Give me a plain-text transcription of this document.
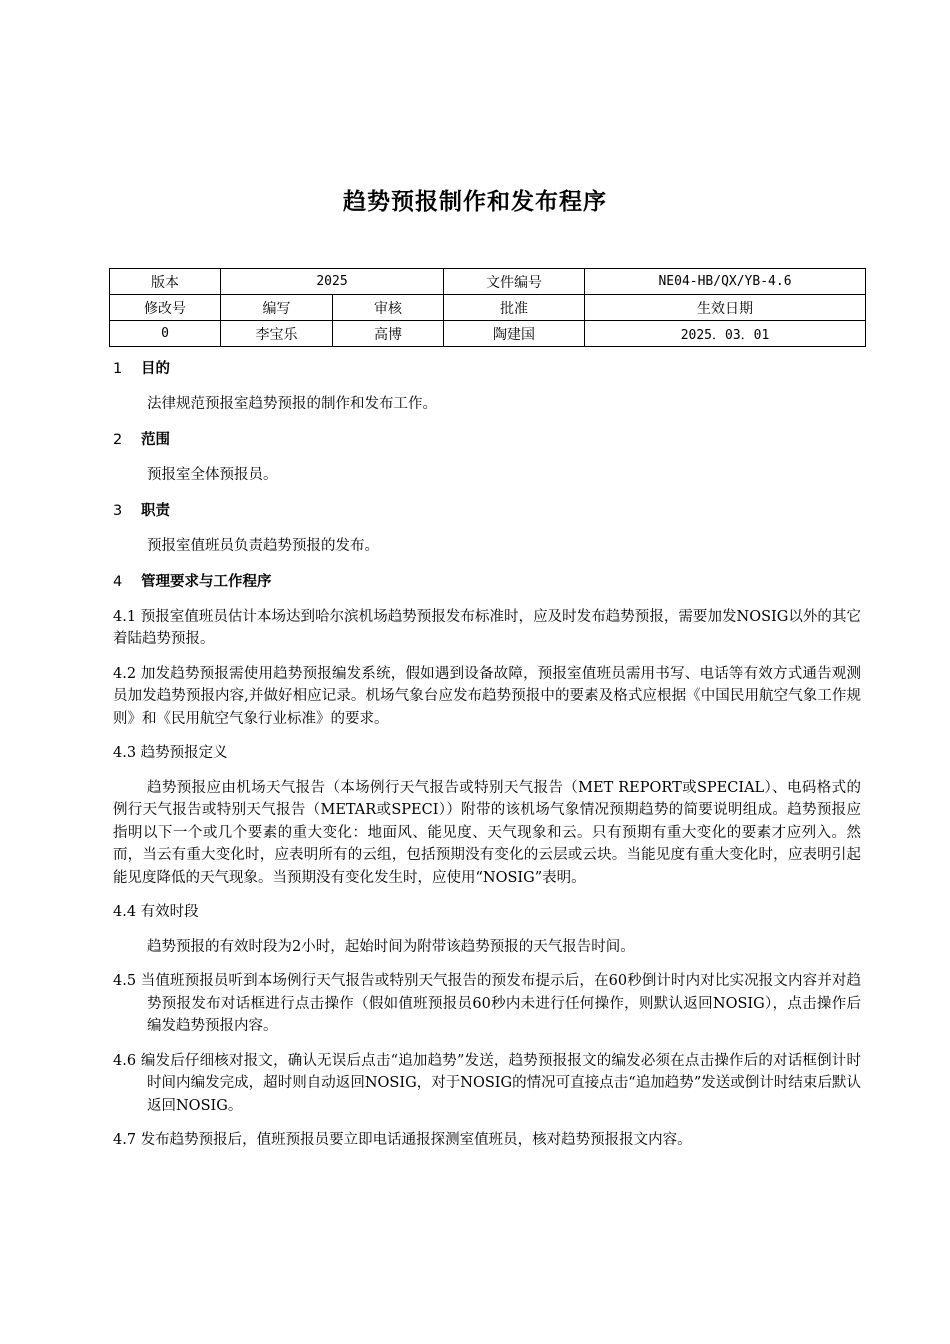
趋势预报制作和发布程序
版本	2025		文件编号	NE04-HB/QX/YB-4.6
修改号	编写	审核	批准	生效日期
0	李宝乐	高博	陶建国	2025．03．01
1 目的

法律规范预报室趋势预报的制作和发布工作。

2 范围

预报室全体预报员。

3 职责

预报室值班员负责趋势预报的发布。

4 管理要求与工作程序

4.1 预报室值班员估计本场达到哈尔滨机场趋势预报发布标准时，应及时发布趋势预报，需要加发NOSIG以外的其它着陆趋势预报。

4.2 加发趋势预报需使用趋势预报编发系统，假如遇到设备故障，预报室值班员需用书写、电话等有效方式通告观测员加发趋势预报内容,并做好相应记录。机场气象台应发布趋势预报中的要素及格式应根据《中国民用航空气象工作规则》和《民用航空气象行业标准》的要求。

4.3 趋势预报定义

趋势预报应由机场天气报告（本场例行天气报告或特别天气报告（MET REPORT或SPECIAL）、电码格式的例行天气报告或特别天气报告（METAR或SPECI））附带的该机场气象情况预期趋势的简要说明组成。趋势预报应指明以下一个或几个要素的重大变化：地面风、能见度、天气现象和云。只有预期有重大变化的要素才应列入。然而，当云有重大变化时，应表明所有的云组，包括预期没有变化的云层或云块。当能见度有重大变化时，应表明引起能见度降低的天气现象。当预期没有变化发生时，应使用“NOSIG”表明。

4.4 有效时段

趋势预报的有效时段为2小时，起始时间为附带该趋势预报的天气报告时间。

4.5 当值班预报员听到本场例行天气报告或特别天气报告的预发布提示后，在60秒倒计时内对比实况报文内容并对趋势预报发布对话框进行点击操作（假如值班预报员60秒内未进行任何操作，则默认返回NOSIG），点击操作后编发趋势预报内容。

4.6 编发后仔细核对报文，确认无误后点击“追加趋势”发送，趋势预报报文的编发必须在点击操作后的对话框倒计时时间内编发完成，超时则自动返回NOSIG，对于NOSIG的情况可直接点击“追加趋势”发送或倒计时结束后默认返回NOSIG。

4.7 发布趋势预报后，值班预报员要立即电话通报探测室值班员，核对趋势预报报文内容。
